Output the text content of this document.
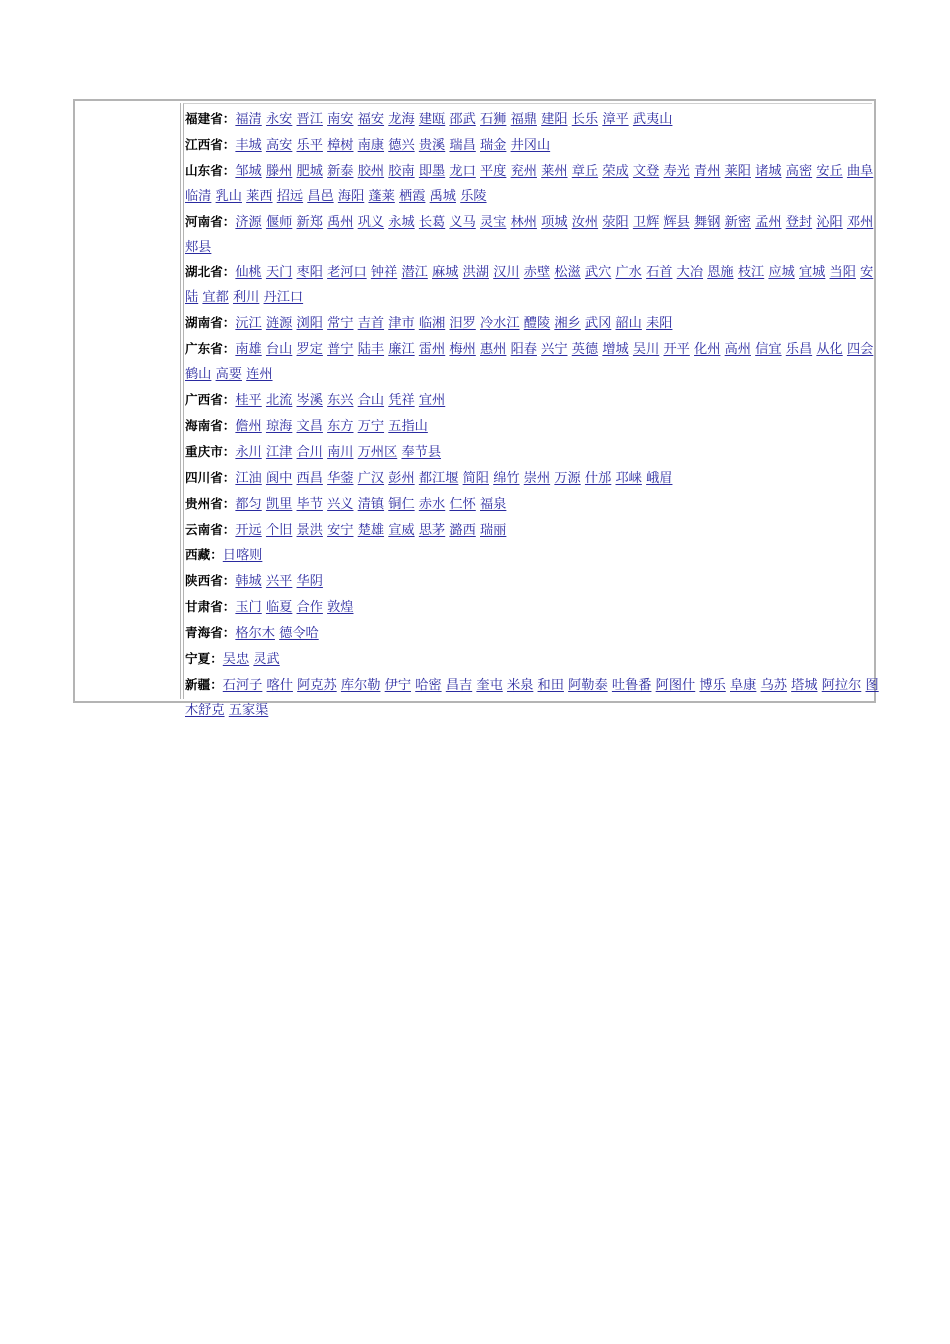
福建省：福清 永安 晋江 南安 福安 龙海 建瓯 邵武 石狮 福鼎 建阳 长乐 漳平 武夷山
江西省：丰城 高安 乐平 樟树 南康 德兴 贵溪 瑞昌 瑞金 井冈山
山东省：邹城 滕州 肥城 新泰 胶州 胶南 即墨 龙口 平度 兖州 莱州 章丘 荣成 文登 寿光 青州 莱阳 诸城 高密 安丘 曲阜 临清 乳山 莱西 招远 昌邑 海阳 蓬莱 栖霞 禹城 乐陵
河南省：济源 偃师 新郑 禹州 巩义 永城 长葛 义马 灵宝 林州 项城 汝州 荥阳 卫辉 辉县 舞钢 新密 孟州 登封 沁阳 邓州 郏县
湖北省：仙桃 天门 枣阳 老河口 钟祥 潜江 麻城 洪湖 汉川 赤壁 松滋 武穴 广水 石首 大冶 恩施 枝江 应城 宜城 当阳 安陆 宜都 利川 丹江口
湖南省：沅江 涟源 浏阳 常宁 吉首 津市 临湘 汨罗 冷水江 醴陵 湘乡 武冈 韶山 耒阳
广东省：南雄 台山 罗定 普宁 陆丰 廉江 雷州 梅州 惠州 阳春 兴宁 英德 增城 吴川 开平 化州 高州 信宜 乐昌 从化 四会 鹤山 高要 连州
广西省：桂平 北流 岑溪 东兴 合山 凭祥 宜州
海南省：儋州 琼海 文昌 东方 万宁 五指山
重庆市：永川 江津 合川 南川 万州区 奉节县
四川省：江油 阆中 西昌 华蓥 广汉 彭州 都江堰 简阳 绵竹 崇州 万源 什邡 邛崃 峨眉
贵州省：都匀 凯里 毕节 兴义 清镇 铜仁 赤水 仁怀 福泉
云南省：开远 个旧 景洪 安宁 楚雄 宣威 思茅 潞西 瑞丽
西藏：日喀则
陕西省：韩城 兴平 华阴
甘肃省：玉门 临夏 合作 敦煌
青海省：格尔木 德令哈
宁夏：吴忠 灵武
新疆：石河子 喀什 阿克苏 库尔勒 伊宁 哈密 昌吉 奎屯 米泉 和田 阿勒泰 吐鲁番 阿图什 博乐 阜康 乌苏 塔城 阿拉尔 图木舒克 五家渠
